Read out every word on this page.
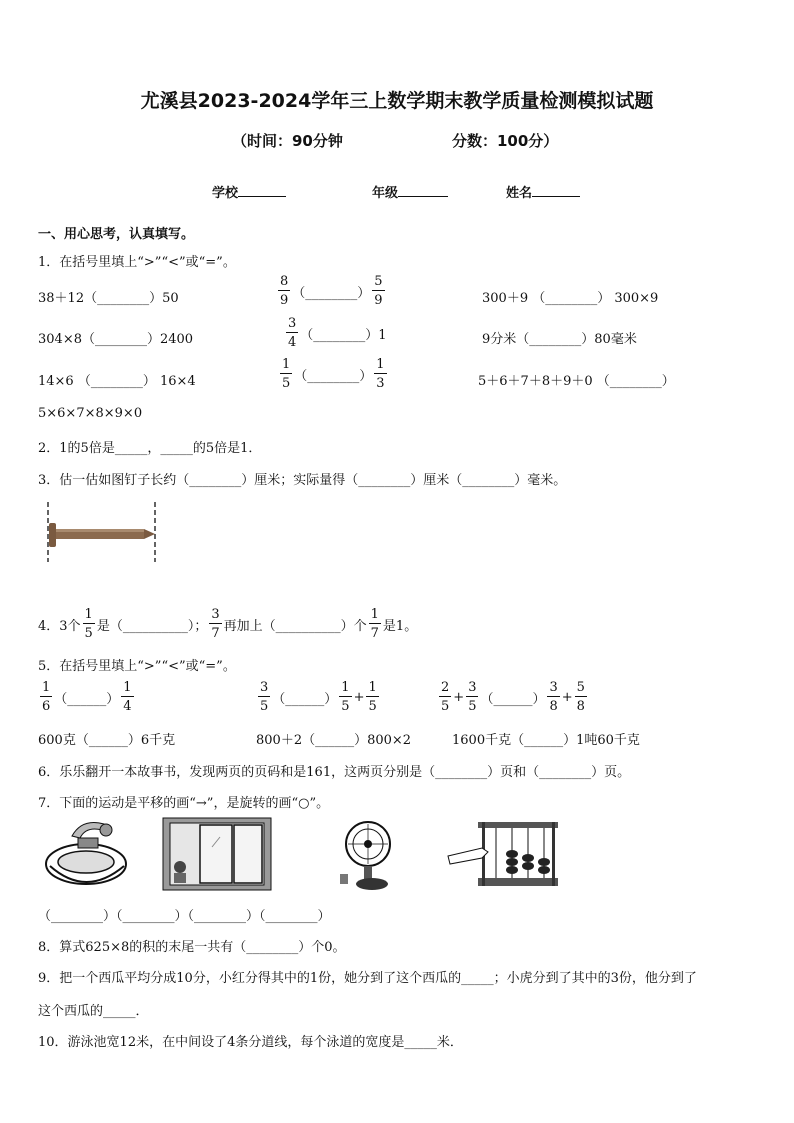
尤溪县2023-2024学年三上数学期末教学质量检测模拟试题
（时间：90分钟	分数：100分）
学校	年级	姓名
一、用心思考，认真填写。
1．在括号里填上“>”“<”或“=”。
38＋12（________）50	$\frac{8}{9}$ （________） $\frac{5}{9}$	300＋9 （________） 300×9
304×8（________）2400	$\frac{3}{4}$ （________）1	9分米（________）80毫米
14×6 （________） 16×4	$\frac{1}{5}$ （________） $\frac{1}{3}$	5＋6＋7＋8＋9＋0 （________）
5×6×7×8×9×0
2．1的5倍是_____，_____的5倍是1．
3．估一估如图钉子长约（________）厘米；实际量得（________）厘米（________）毫米。
4．3个 $\frac{1}{5}$ 是（__________）； $\frac{3}{7}$ 再加上（__________）个 $\frac{1}{7}$ 是1。
5．在括号里填上“>”“<”或“=”。
$\frac{1}{6}$ （______） $\frac{1}{4}$	$\frac{3}{5}$ （______） $\frac{1}{5} + \frac{1}{5}$	$\frac{2}{5} + \frac{3}{5}$ （______） $\frac{3}{8} + \frac{5}{8}$
600克（______）6千克	800＋2（______）800×2	1600千克（______）1吨60千克
6．乐乐翻开一本故事书，发现两页的页码和是161，这两页分别是（________）页和（________）页。
7．下面的运动是平移的画“→”，是旋转的画“○”。
（________）（________）（________）（________）
8．算式625×8的积的末尾一共有（________）个0。
9．把一个西瓜平均分成10分，小红分得其中的1份，她分到了这个西瓜的_____；小虎分到了其中的3份，他分到了
这个西瓜的_____．
10．游泳池宽12米，在中间设了4条分道线，每个泳道的宽度是_____米．
